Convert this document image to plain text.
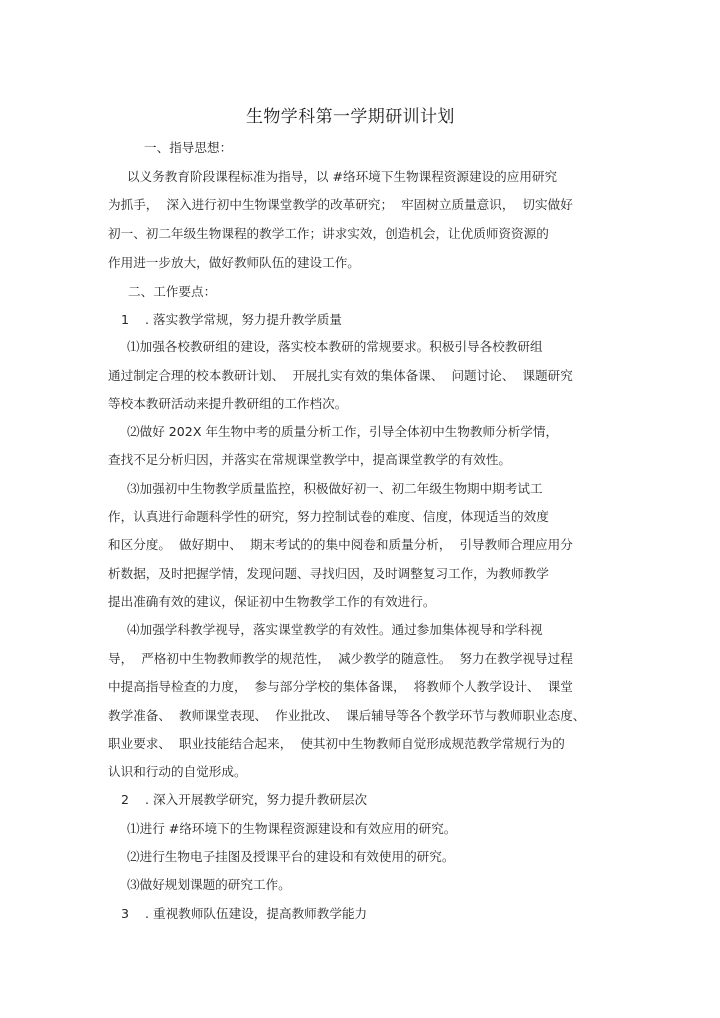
生物学科第一学期研训计划
一、指导思想：
以义务教育阶段课程标准为指导，以 #络环境下生物课程资源建设的应用研究
为抓手，  深入进行初中生物课堂教学的改革研究；  牢固树立质量意识，  切实做好
初一、初二年级生物课程的教学工作；讲求实效，创造机会，让优质师资资源的
作用进一步放大，做好教师队伍的建设工作。
二、工作要点：
1    . 落实教学常规，努力提升教学质量
⑴加强各校教研组的建设，落实校本教研的常规要求。积极引导各校教研组
通过制定合理的校本教研计划、  开展扎实有效的集体备课、  问题讨论、  课题研究
等校本教研活动来提升教研组的工作档次。
⑵做好 202X 年生物中考的质量分析工作，引导全体初中生物教师分析学情，
查找不足分析归因，并落实在常规课堂教学中，提高课堂教学的有效性。
⑶加强初中生物教学质量监控，积极做好初一、初二年级生物期中期考试工
作，认真进行命题科学性的研究，努力控制试卷的难度、信度，体现适当的效度
和区分度。  做好期中、  期末考试的的集中阅卷和质量分析，  引导教师合理应用分
析数据，及时把握学情，发现问题、寻找归因，及时调整复习工作，为教师教学
提出准确有效的建议，保证初中生物教学工作的有效进行。
⑷加强学科教学视导，落实课堂教学的有效性。通过参加集体视导和学科视
导，  严格初中生物教师教学的规范性，  减少教学的随意性。  努力在教学视导过程
中提高指导检查的力度，  参与部分学校的集体备课，  将教师个人教学设计、  课堂
教学准备、  教师课堂表现、  作业批改、  课后辅导等各个教学环节与教师职业态度、
职业要求、  职业技能结合起来，  使其初中生物教师自觉形成规范教学常规行为的
认识和行动的自觉形成。
2    . 深入开展教学研究，努力提升教研层次
⑴进行 #络环境下的生物课程资源建设和有效应用的研究。
⑵进行生物电子挂图及授课平台的建设和有效使用的研究。
⑶做好规划课题的研究工作。
3    . 重视教师队伍建设，提高教师教学能力
